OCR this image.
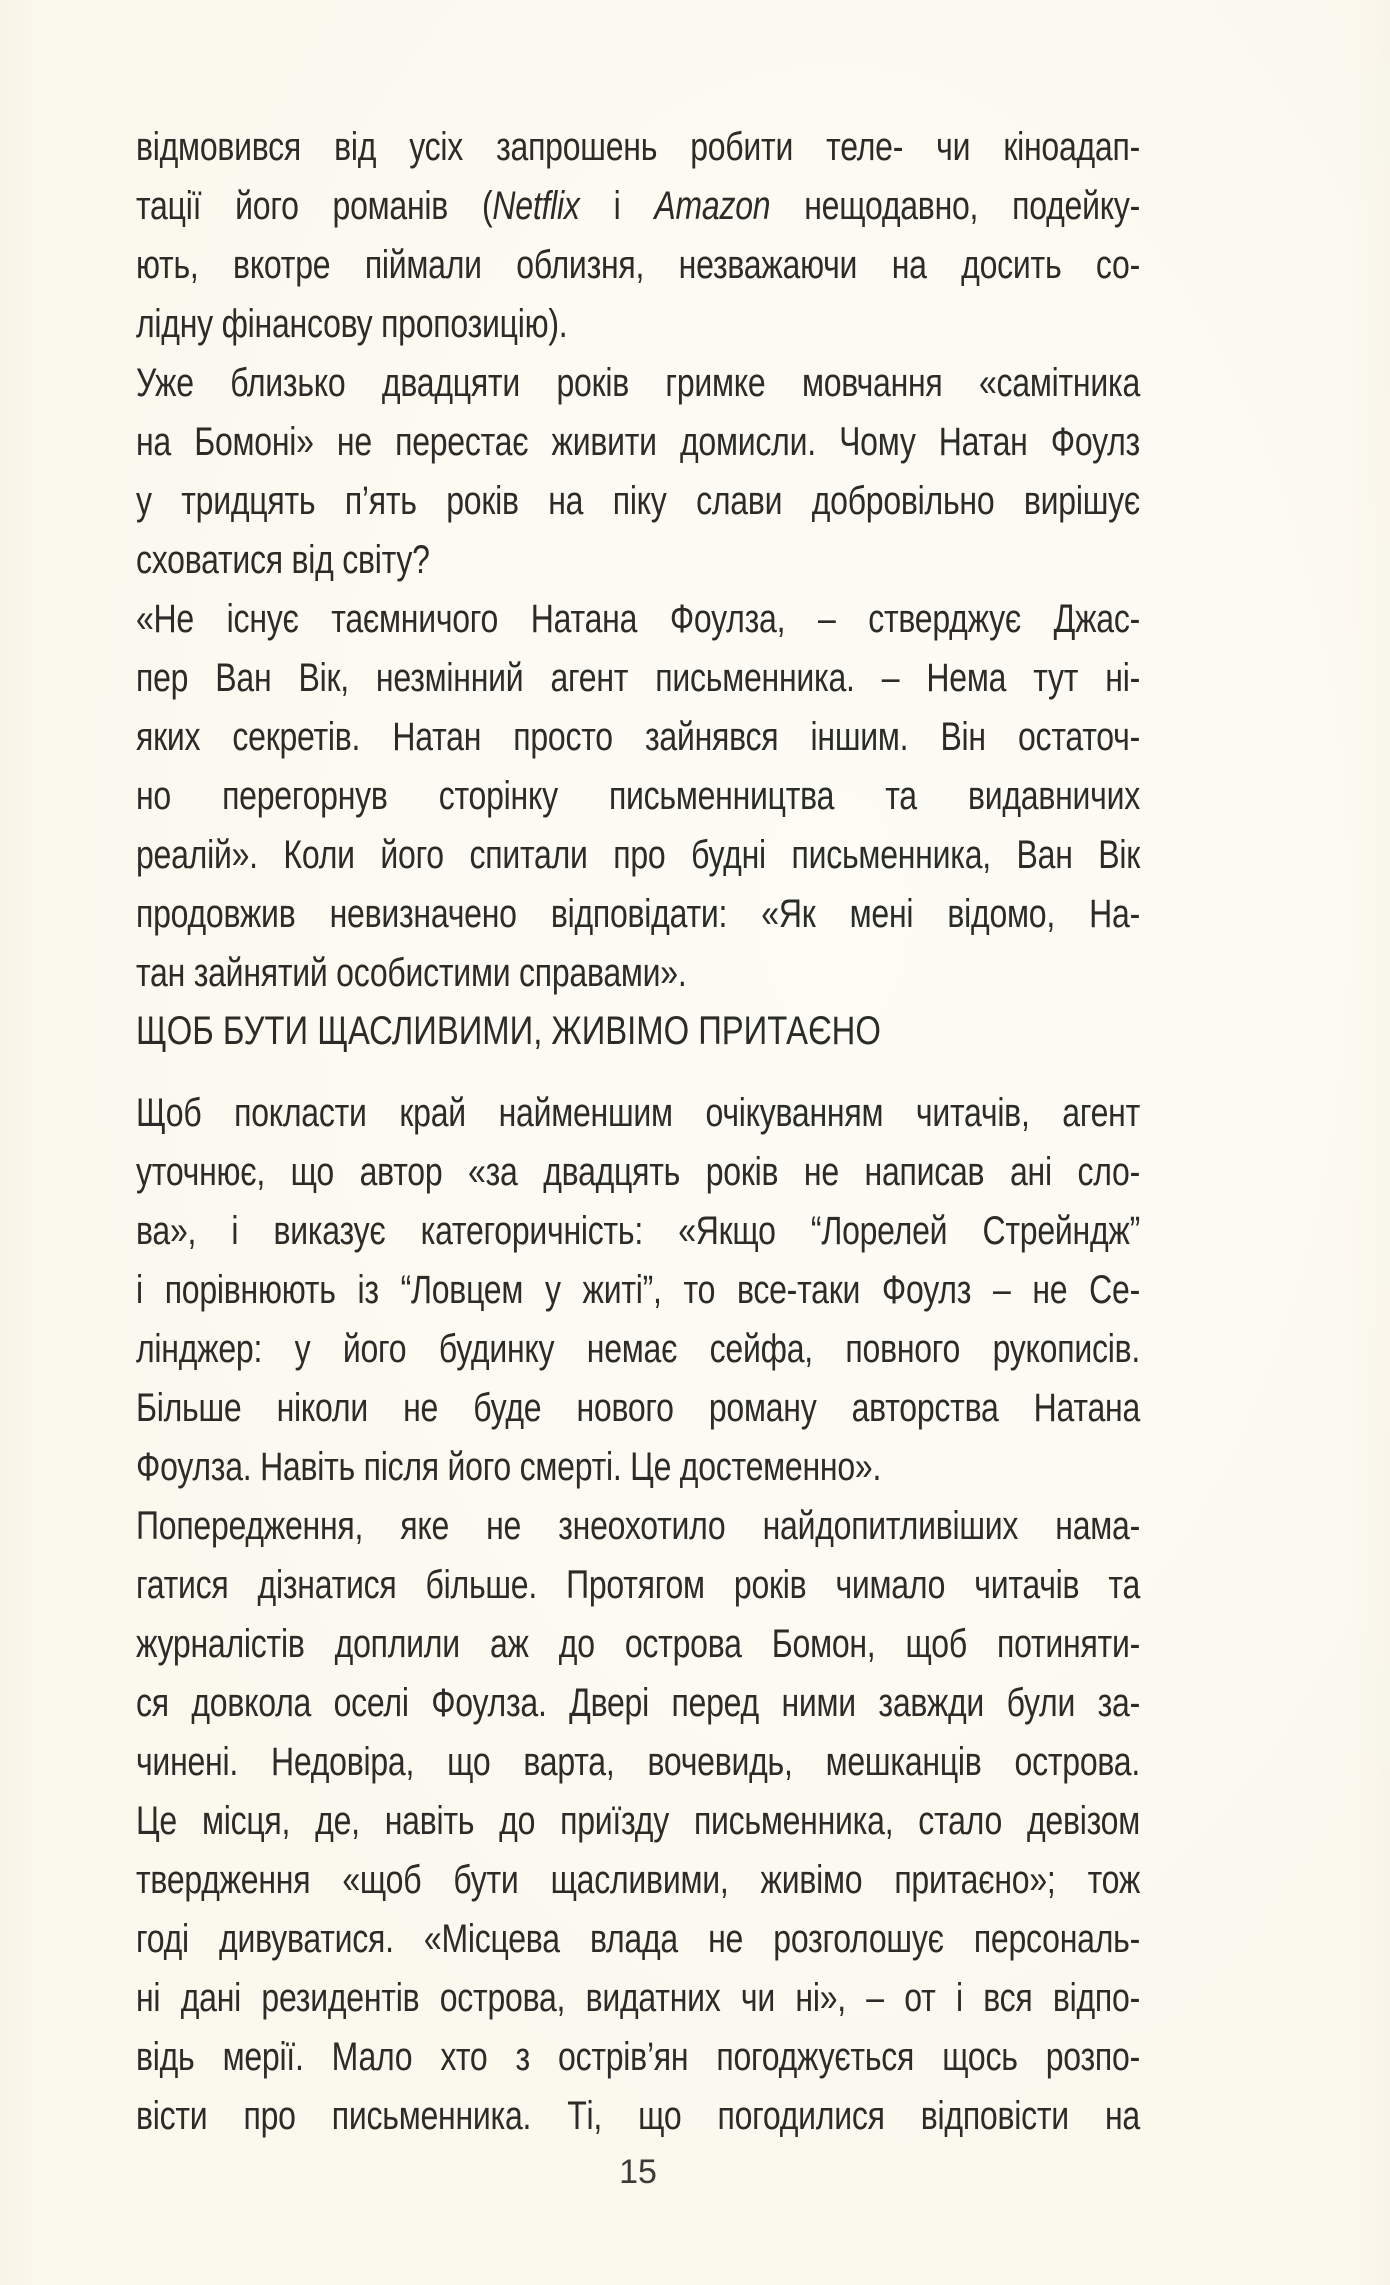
відмовився від усіх запрошень робити теле- чи кіноадап-
тації його романів (Netflix і Amazon нещодавно, подейку-
ють, вкотре піймали облизня, незважаючи на досить со-
лідну фінансову пропозицію).
Уже близько двадцяти років гримке мовчання «самітника
на Бомоні» не перестає живити домисли. Чому Натан Фоулз
у тридцять п’ять років на піку слави добровільно вирішує
сховатися від світу?
«Не існує таємничого Натана Фоулза, – стверджує Джас-
пер Ван Вік, незмінний агент письменника. – Нема тут ні-
яких секретів. Натан просто зайнявся іншим. Він остаточ-
но перегорнув сторінку письменництва та видавничих
реалій». Коли його спитали про будні письменника, Ван Вік
продовжив невизначено відповідати: «Як мені відомо, На-
тан зайнятий особистими справами».
ЩОБ БУТИ ЩАСЛИВИМИ, ЖИВІМО ПРИТАЄНО
Щоб покласти край найменшим очікуванням читачів, агент
уточнює, що автор «за двадцять років не написав ані сло-
ва», і виказує категоричність: «Якщо “Лорелей Стрейндж”
і порівнюють із “Ловцем у житі”, то все-таки Фоулз – не Се-
лінджер: у його будинку немає сейфа, повного рукописів.
Більше ніколи не буде нового роману авторства Натана
Фоулза. Навіть після його смерті. Це достеменно».
Попередження, яке не знеохотило найдопитливіших нама-
гатися дізнатися більше. Протягом років чимало читачів та
журналістів доплили аж до острова Бомон, щоб потиняти-
ся довкола оселі Фоулза. Двері перед ними завжди були за-
чинені. Недовіра, що варта, вочевидь, мешканців острова.
Це місця, де, навіть до приїзду письменника, стало девізом
твердження «щоб бути щасливими, живімо притаєно»; тож
годі дивуватися. «Місцева влада не розголошує персональ-
ні дані резидентів острова, видатних чи ні», – от і вся відпо-
відь мерії. Мало хто з острів’ян погоджується щось розпо-
вісти про письменника. Ті, що погодилися відповісти на
15
